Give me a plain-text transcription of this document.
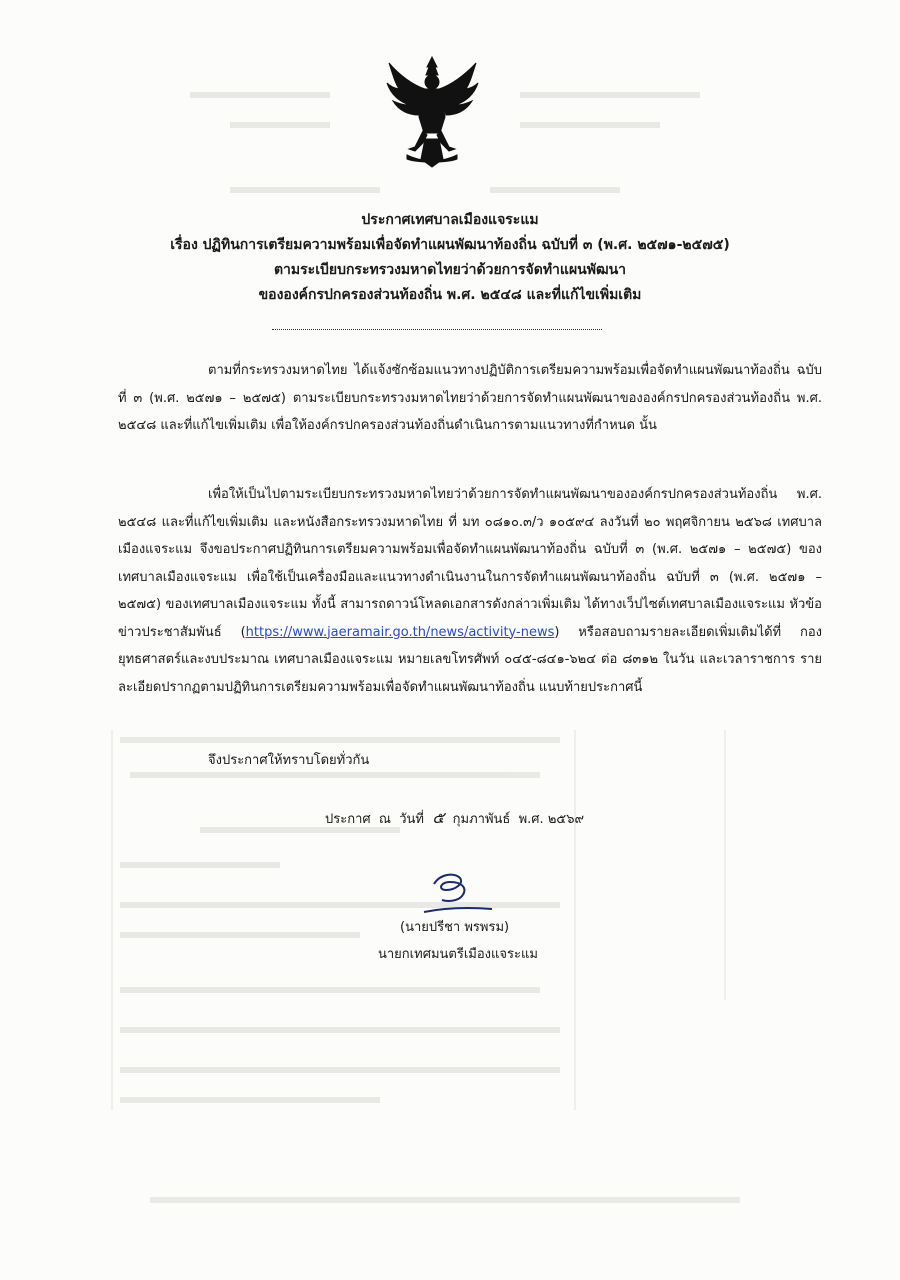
ประกาศเทศบาลเมืองแจระแม
เรื่อง ปฏิทินการเตรียมความพร้อมเพื่อจัดทำแผนพัฒนาท้องถิ่น ฉบับที่ ๓ (พ.ศ. ๒๕๗๑-๒๕๗๕)
ตามระเบียบกระทรวงมหาดไทยว่าด้วยการจัดทำแผนพัฒนา
ขององค์กรปกครองส่วนท้องถิ่น พ.ศ. ๒๕๔๘ และที่แก้ไขเพิ่มเติม

ตามที่กระทรวงมหาดไทย ได้แจ้งซักซ้อมแนวทางปฏิบัติการเตรียมความพร้อมเพื่อจัดทำแผนพัฒนาท้องถิ่น ฉบับที่ ๓ (พ.ศ. ๒๕๗๑ – ๒๕๗๕) ตามระเบียบกระทรวงมหาดไทยว่าด้วยการจัดทำแผนพัฒนาขององค์กรปกครองส่วนท้องถิ่น พ.ศ. ๒๕๔๘ และที่แก้ไขเพิ่มเติม เพื่อให้องค์กรปกครองส่วนท้องถิ่นดำเนินการตามแนวทางที่กำหนด นั้น

เพื่อให้เป็นไปตามระเบียบกระทรวงมหาดไทยว่าด้วยการจัดทำแผนพัฒนาขององค์กรปกครองส่วนท้องถิ่น พ.ศ. ๒๕๔๘ และที่แก้ไขเพิ่มเติม และหนังสือกระทรวงมหาดไทย ที่ มท ๐๘๑๐.๓/ว ๑๐๕๙๔ ลงวันที่ ๒๐ พฤศจิกายน ๒๕๖๘ เทศบาลเมืองแจระแม จึงขอประกาศปฏิทินการเตรียมความพร้อมเพื่อจัดทำแผนพัฒนาท้องถิ่น ฉบับที่ ๓ (พ.ศ. ๒๕๗๑ – ๒๕๗๕) ของเทศบาลเมืองแจระแม เพื่อใช้เป็นเครื่องมือและแนวทางดำเนินงานในการจัดทำแผนพัฒนาท้องถิ่น ฉบับที่ ๓ (พ.ศ. ๒๕๗๑ – ๒๕๗๕) ของเทศบาลเมืองแจระแม ทั้งนี้ สามารถดาวน์โหลดเอกสารดังกล่าวเพิ่มเติม ได้ทางเว็ปไซต์เทศบาลเมืองแจระแม หัวข้อข่าวประชาสัมพันธ์ (https://www.jaeramair.go.th/news/activity-news) หรือสอบถามรายละเอียดเพิ่มเติมได้ที่ กองยุทธศาสตร์และงบประมาณ เทศบาลเมืองแจระแม หมายเลขโทรศัพท์ ๐๔๕-๘๔๑-๖๒๔ ต่อ ๘๓๑๒ ในวัน และเวลาราชการ รายละเอียดปรากฏตามปฏิทินการเตรียมความพร้อมเพื่อจัดทำแผนพัฒนาท้องถิ่น แนบท้ายประกาศนี้

จึงประกาศให้ทราบโดยทั่วกัน
ประกาศ  ณ  วันที่ ๕ กุมภาพันธ์  พ.ศ. ๒๕๖๙
(นายปรีชา พรพรม)
นายกเทศมนตรีเมืองแจระแม
